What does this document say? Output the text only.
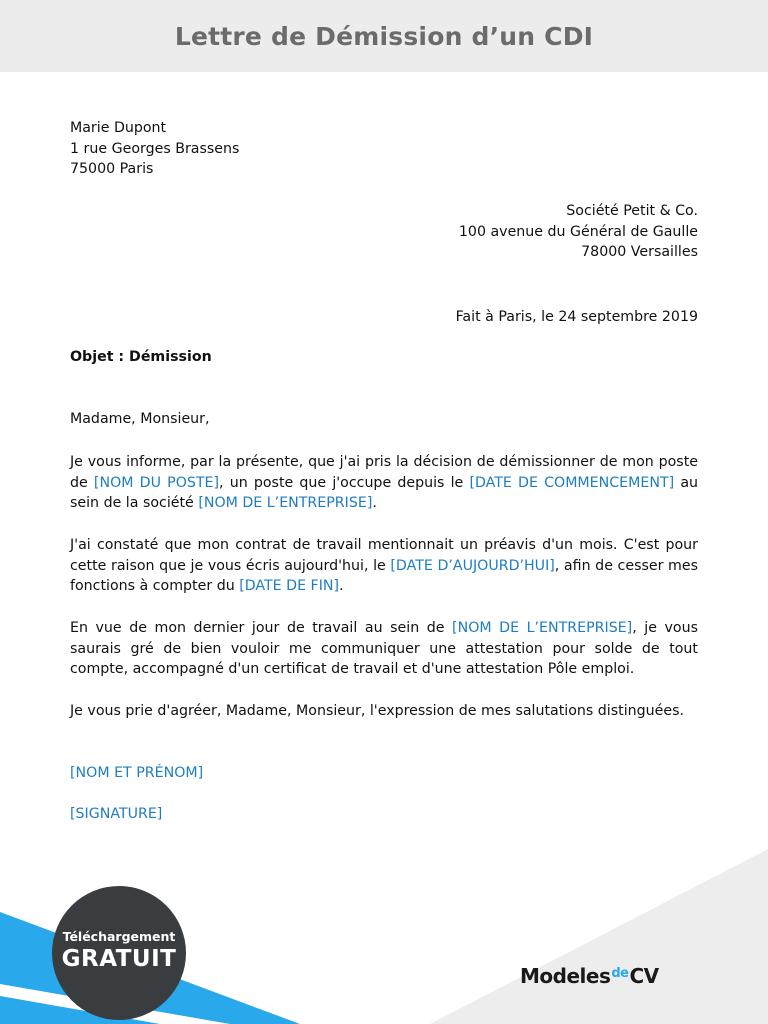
Lettre de Démission d’un CDI
Marie Dupont
1 rue Georges Brassens
75000 Paris
Société Petit & Co.
100 avenue du Général de Gaulle
78000 Versailles
Fait à Paris, le 24 septembre 2019
Objet : Démission
Madame, Monsieur,
Je vous informe, par la présente, que j'ai pris la décision de démissionner de mon poste de [NOM DU POSTE], un poste que j'occupe depuis le [DATE DE COMMENCEMENT] au sein de la société [NOM DE L’ENTREPRISE].
J'ai constaté que mon contrat de travail mentionnait un préavis d'un mois. C'est pour cette raison que je vous écris aujourd'hui, le [DATE D’AUJOURD’HUI], afin de cesser mes fonctions à compter du [DATE DE FIN].
En vue de mon dernier jour de travail au sein de [NOM DE L’ENTREPRISE], je vous saurais gré de bien vouloir me communiquer une attestation pour solde de tout compte, accompagné d'un certificat de travail et d'une attestation Pôle emploi.
Je vous prie d'agréer, Madame, Monsieur, l'expression de mes salutations distinguées.
[NOM ET PRÉNOM]
[SIGNATURE]
Téléchargement
GRATUIT
Modeles de CV
